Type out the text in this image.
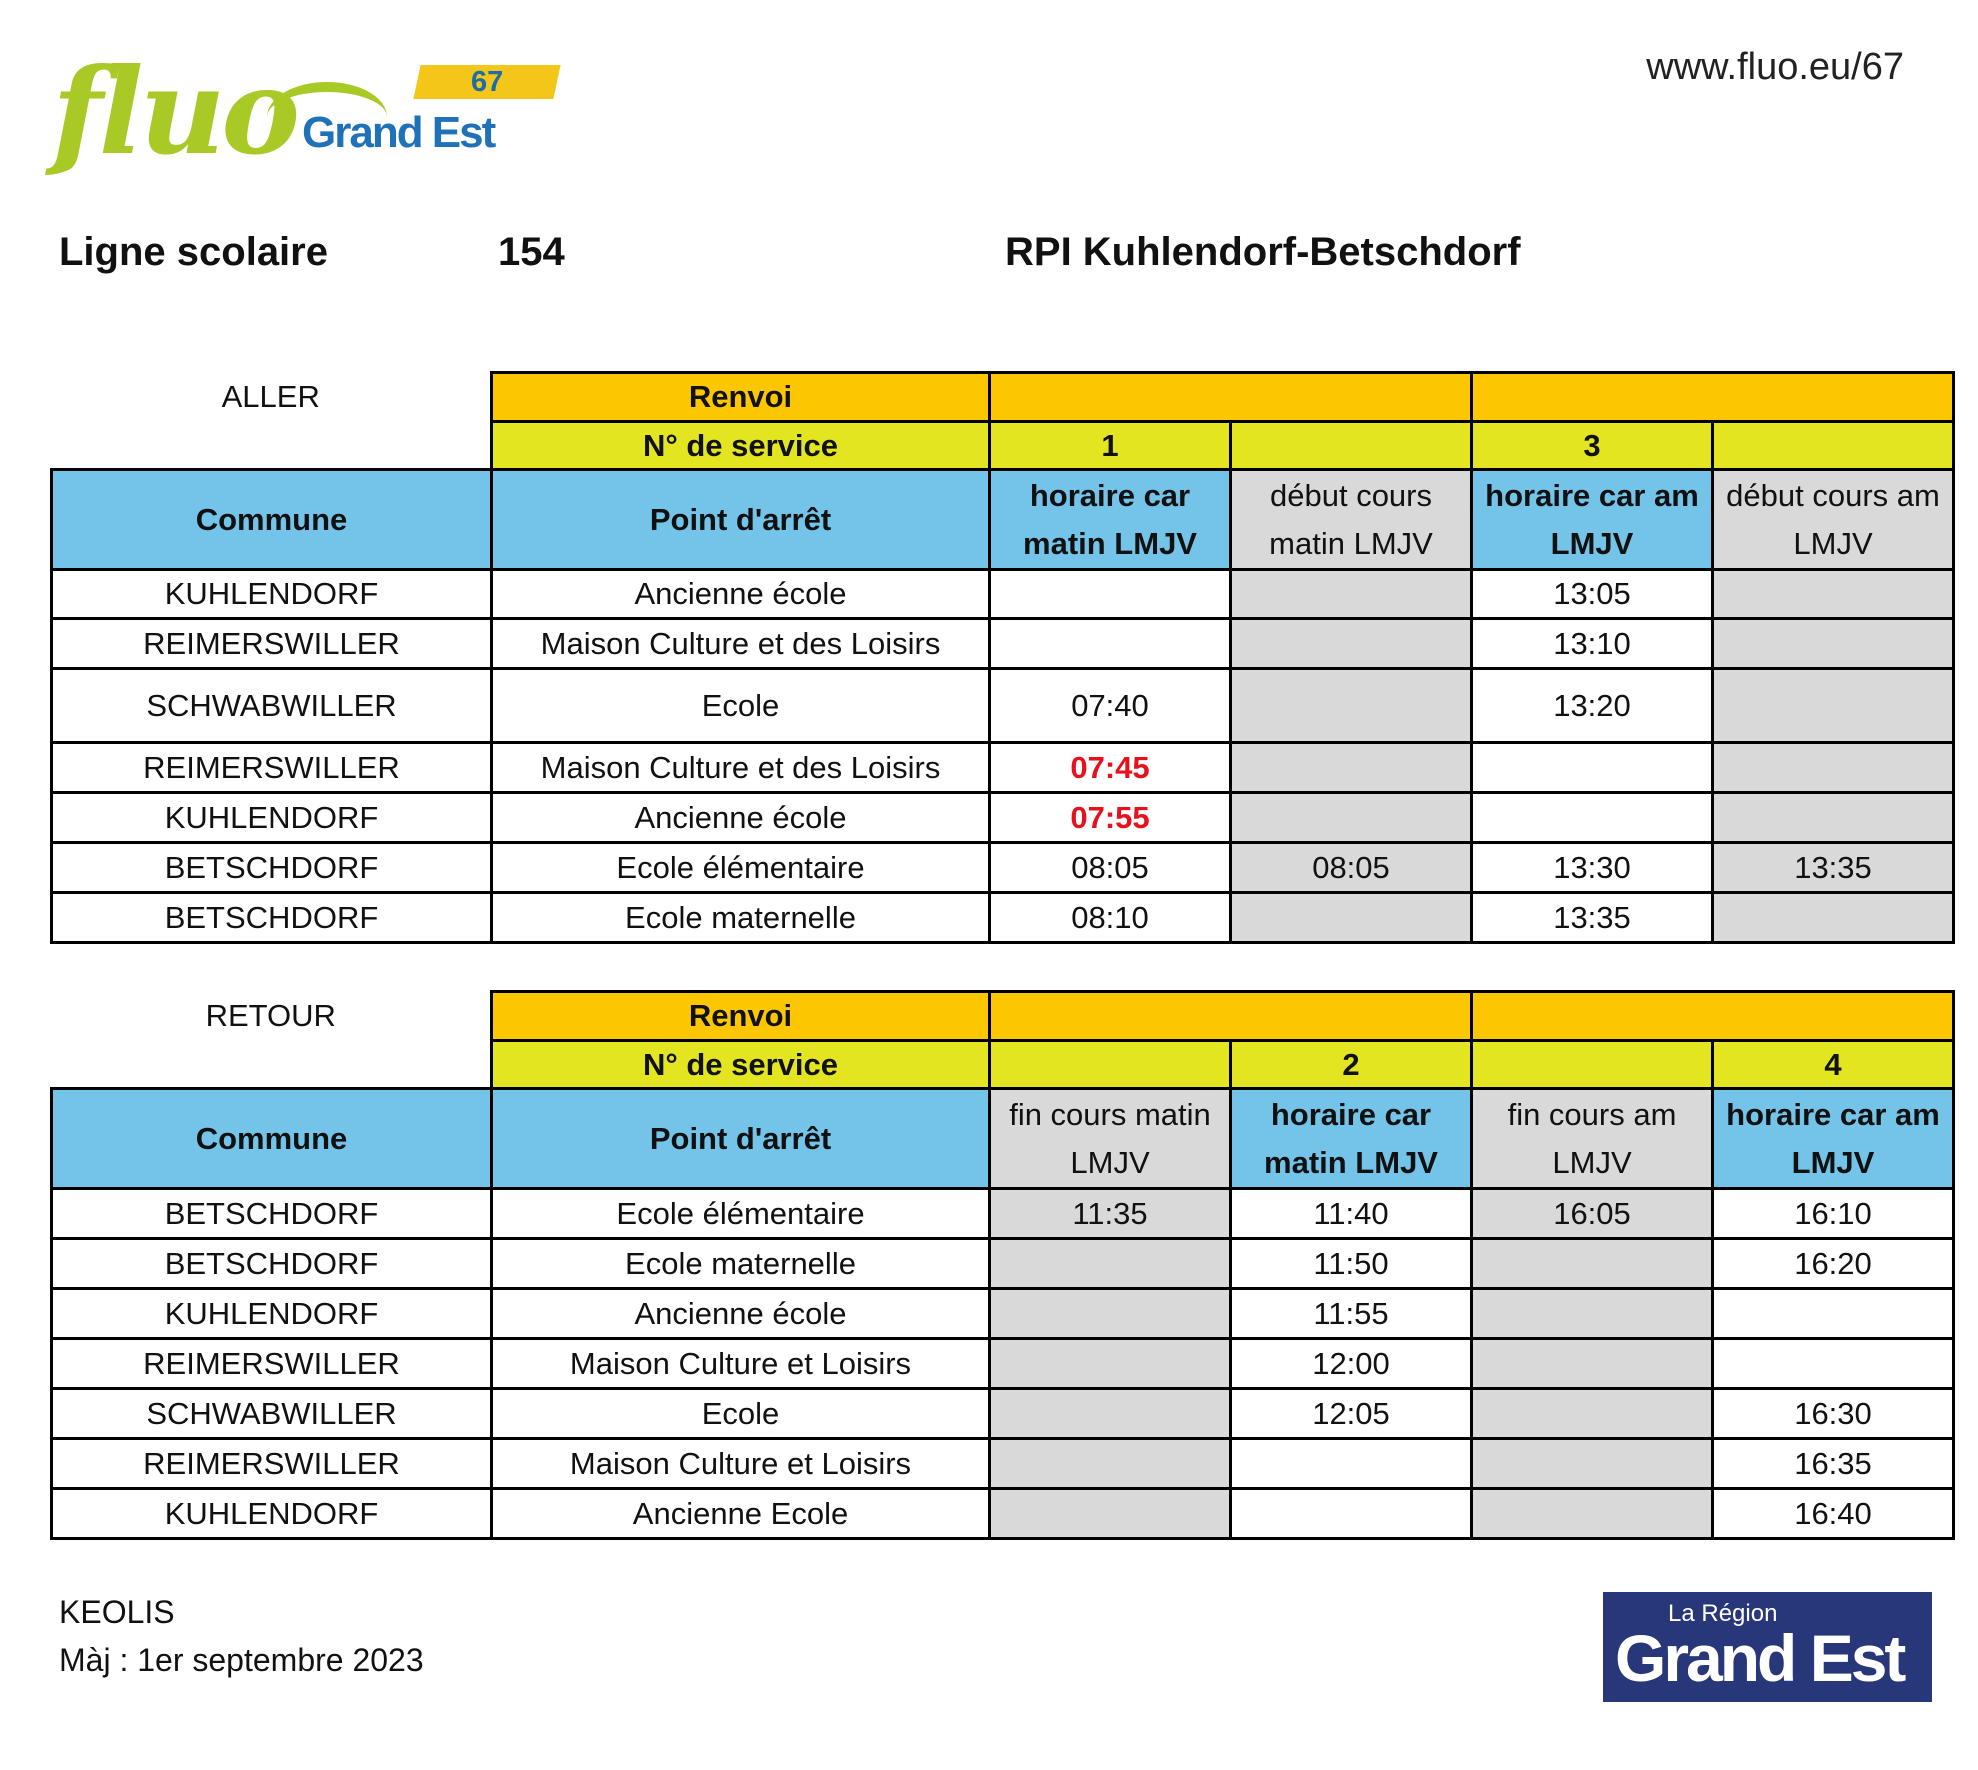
fluo	67
Grand Est
www.fluo.eu/67
Ligne scolaire	154	RPI Kuhlendorf-Betschdorf
ALLER	Renvoi				
	N° de service	1		3	
Commune	Point d'arrêt	horaire car matin LMJV	début cours matin LMJV	horaire car am LMJV	début cours am LMJV
KUHLENDORF	Ancienne école			13:05	
REIMERSWILLER	Maison Culture et des Loisirs			13:10	
SCHWABWILLER	Ecole	07:40		13:20	
REIMERSWILLER	Maison Culture et des Loisirs	07:45			
KUHLENDORF	Ancienne école	07:55			
BETSCHDORF	Ecole élémentaire	08:05	08:05	13:30	13:35
BETSCHDORF	Ecole maternelle	08:10		13:35	
RETOUR	Renvoi				
	N° de service		2		4
Commune	Point d'arrêt	fin cours matin LMJV	horaire car matin LMJV	fin cours am LMJV	horaire car am LMJV
BETSCHDORF	Ecole élémentaire	11:35	11:40	16:05	16:10
BETSCHDORF	Ecole maternelle		11:50		16:20
KUHLENDORF	Ancienne école		11:55		
REIMERSWILLER	Maison Culture et Loisirs		12:00		
SCHWABWILLER	Ecole		12:05		16:30
REIMERSWILLER	Maison Culture et Loisirs				16:35
KUHLENDORF	Ancienne Ecole				16:40
KEOLIS
Màj : 1er septembre 2023
La Région
Grand Est
